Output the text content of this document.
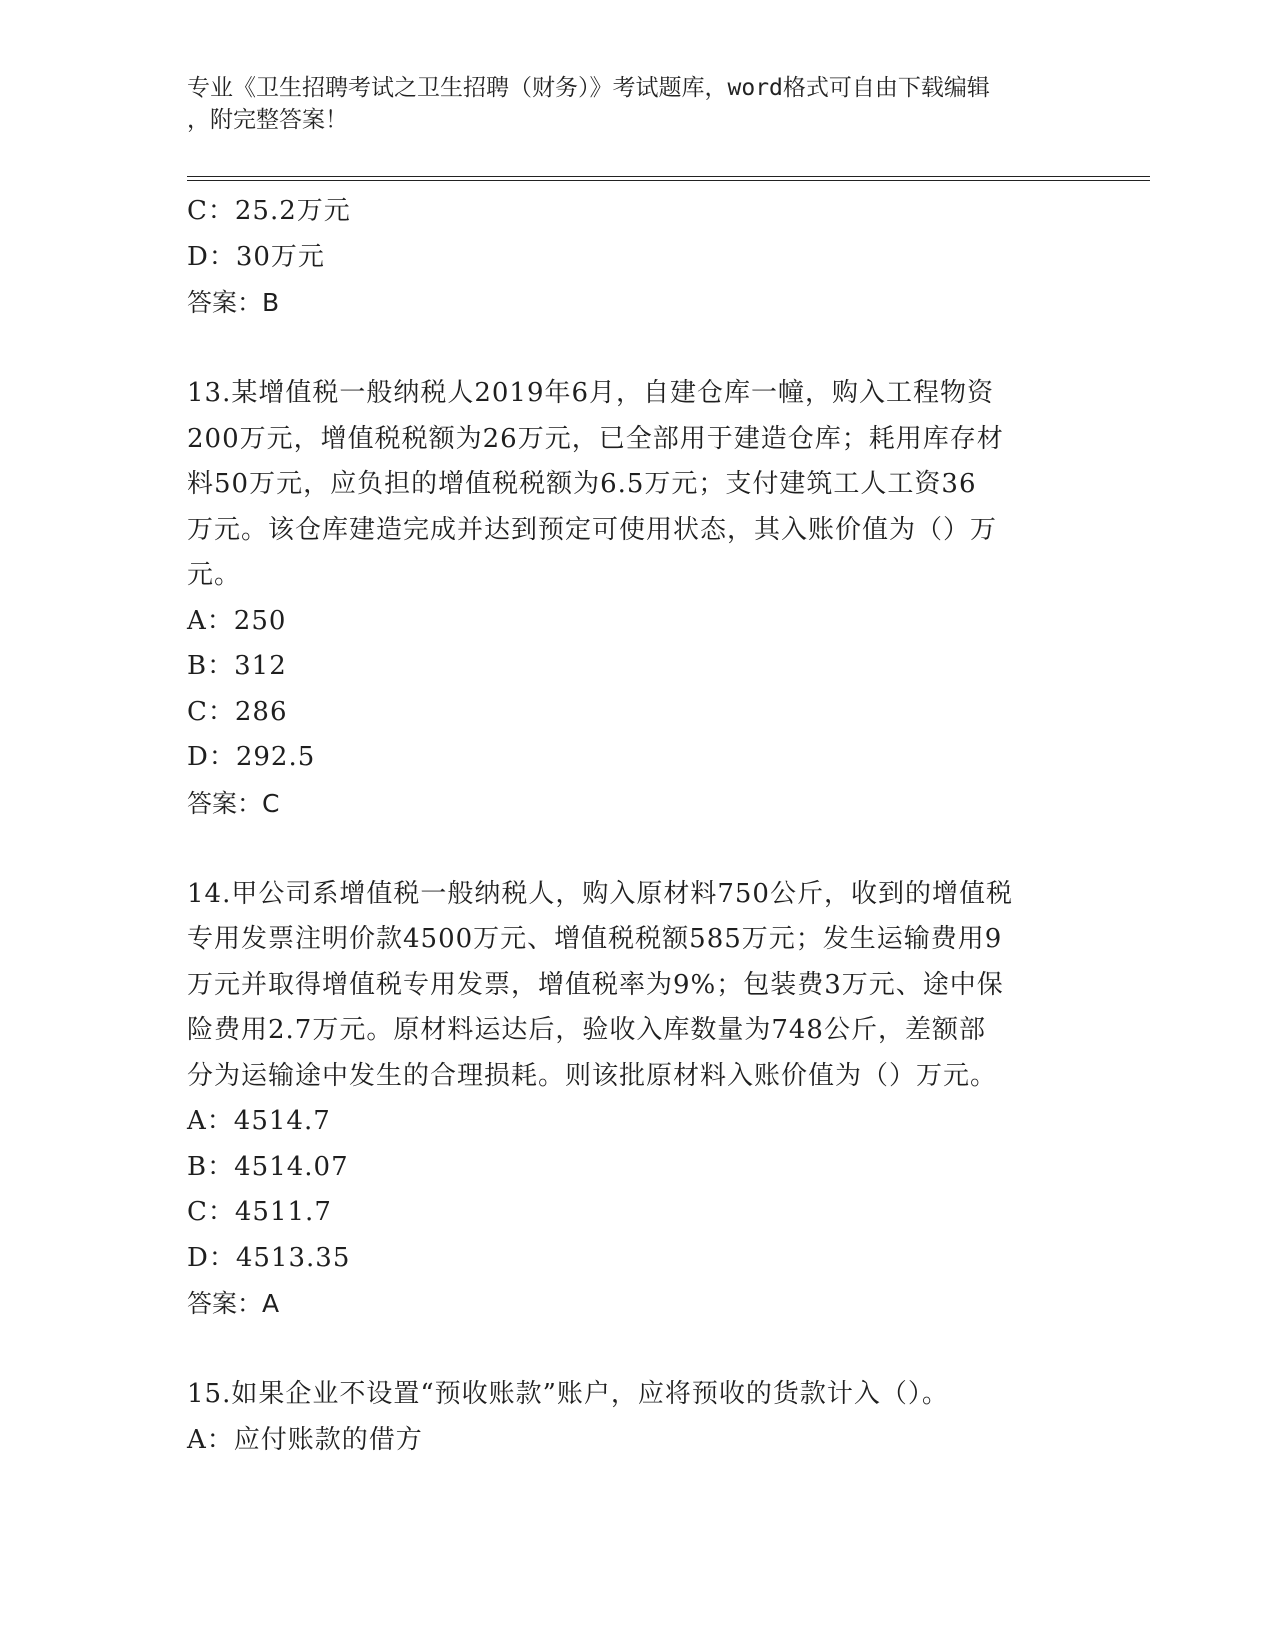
专业《卫生招聘考试之卫生招聘（财务）》考试题库，word格式可自由下载编辑
，附完整答案！
C：25.2万元
D：30万元
答案：B
13.某增值税一般纳税人2019年6月，自建仓库一幢，购入工程物资
200万元，增值税税额为26万元，已全部用于建造仓库；耗用库存材
料50万元，应负担的增值税税额为6.5万元；支付建筑工人工资36
万元。该仓库建造完成并达到预定可使用状态，其入账价值为（）万
元。
A：250
B：312
C：286
D：292.5
答案：C
14.甲公司系增值税一般纳税人，购入原材料750公斤，收到的增值税
专用发票注明价款4500万元、增值税税额585万元；发生运输费用9
万元并取得增值税专用发票，增值税率为9%；包装费3万元、途中保
险费用2.7万元。原材料运达后，验收入库数量为748公斤，差额部
分为运输途中发生的合理损耗。则该批原材料入账价值为（）万元。
A：4514.7
B：4514.07
C：4511.7
D：4513.35
答案：A
15.如果企业不设置“预收账款”账户，应将预收的货款计入（）。
A：应付账款的借方
